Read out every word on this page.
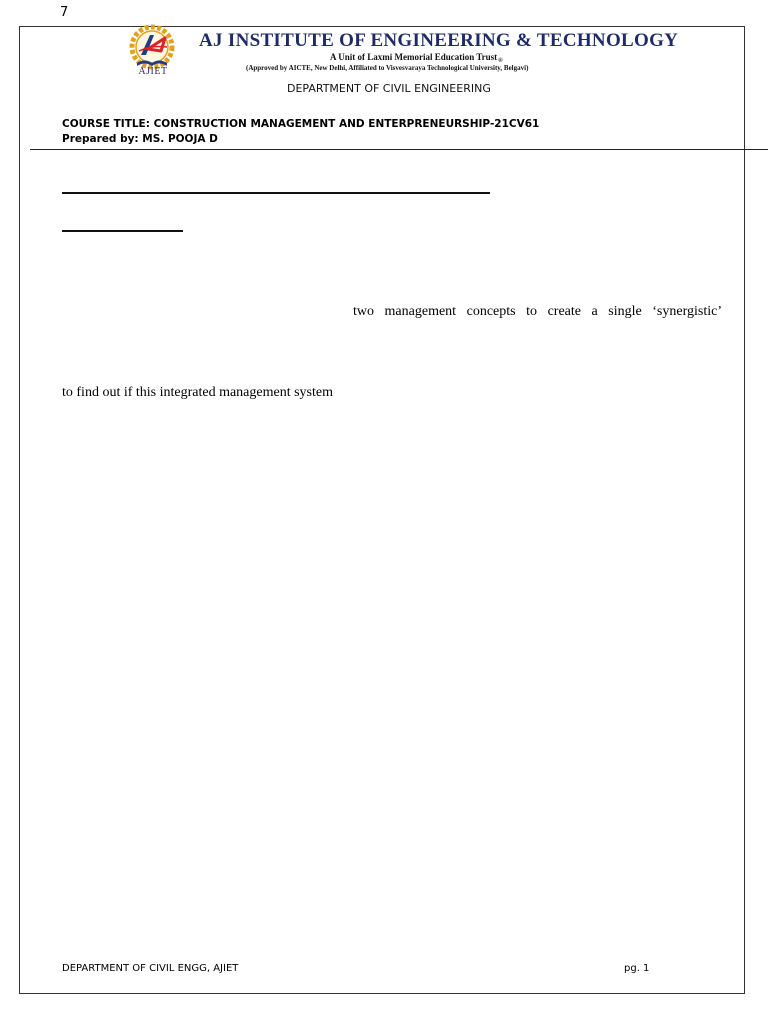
7
AJIET
AJ INSTITUTE OF ENGINEERING & TECHNOLOGY
A Unit of Laxmi Memorial Education Trust$_®$
(Approved by AICTE, New Delhi, Affiliated to Visvesvaraya Technological University, Belgavi)
DEPARTMENT OF CIVIL ENGINEERING
COURSE TITLE: CONSTRUCTION MANAGEMENT AND ENTERPRENEURSHIP-21CV61
Prepared by: MS. POOJA D
two management concepts to create a single ‘synergistic’
to find out if this integrated management system
DEPARTMENT OF CIVIL ENGG, AJIET	pg. 1
